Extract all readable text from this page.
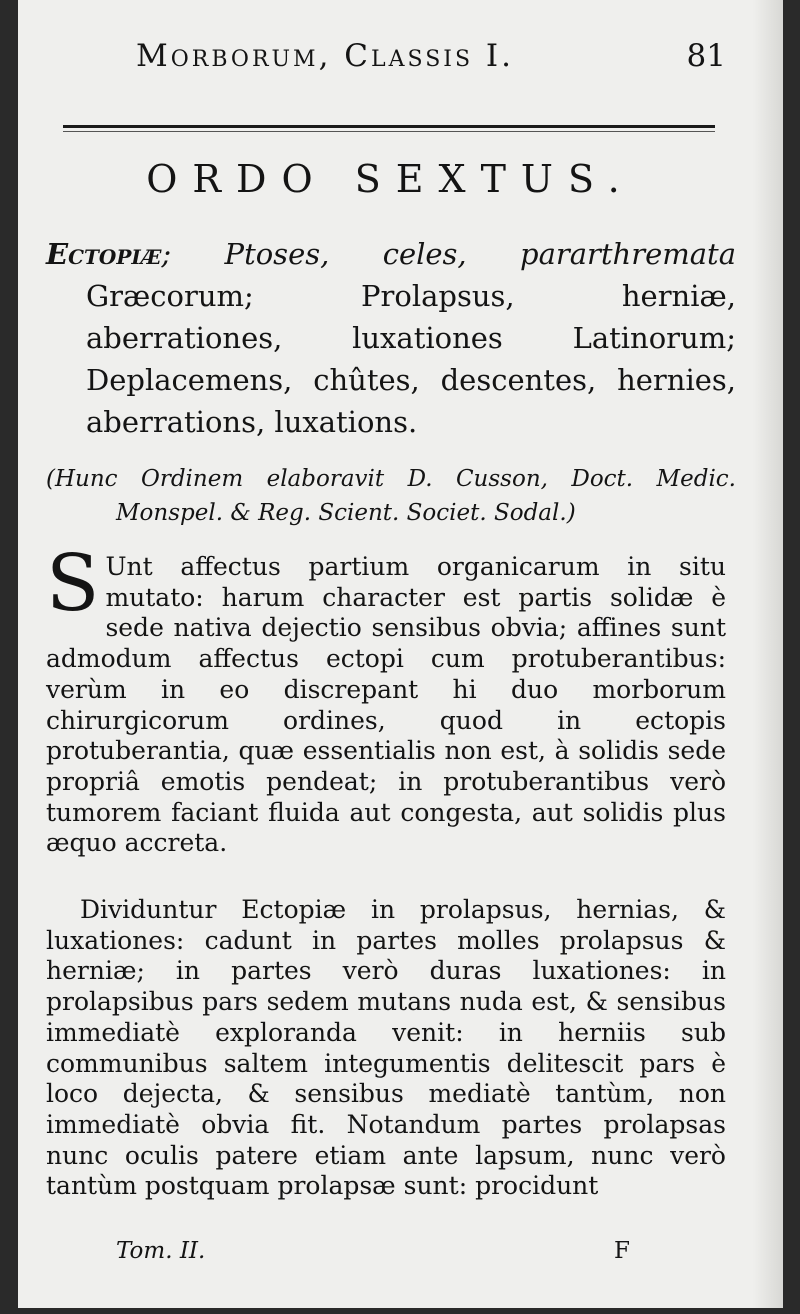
Morborum, Classis I.	81
ORDO SEXTUS.
Ectopiæ; Ptoses, celes, pararthremata
Græcorum; Prolapsus, herniæ, aberrationes, luxationes Latinorum; Deplacemens, chûtes, descentes, hernies, aberrations, luxations.
(Hunc Ordinem elaboravit D. Cusson, Doct. Medic.
Monspel. & Reg. Scient. Societ. Sodal.)
S Unt affectus partium organicarum in situ mutato: harum character est partis solidæ è sede nativa dejectio sensibus obvia; affines sunt admodum affectus ectopi cum protuberantibus: verùm in eo discrepant hi duo morborum chirurgicorum ordines, quod in ectopis protuberantia, quæ essentialis non est, à solidis sede propriâ emotis pendeat; in protuberantibus verò tumorem faciant fluida aut congesta, aut solidis plus æquo accreta.
Dividuntur Ectopiæ in prolapsus, hernias, & luxationes: cadunt in partes molles prolapsus & herniæ; in partes verò duras luxationes: in prolapsibus pars sedem mutans nuda est, & sensibus immediatè exploranda venit: in herniis sub communibus saltem integumentis delitescit pars è loco dejecta, & sensibus mediatè tantùm, non immediatè obvia fit. Notandum partes prolapsas nunc oculis patere etiam ante lapsum, nunc verò tantùm postquam prolapsæ sunt: procidunt
Tom. II.	F
